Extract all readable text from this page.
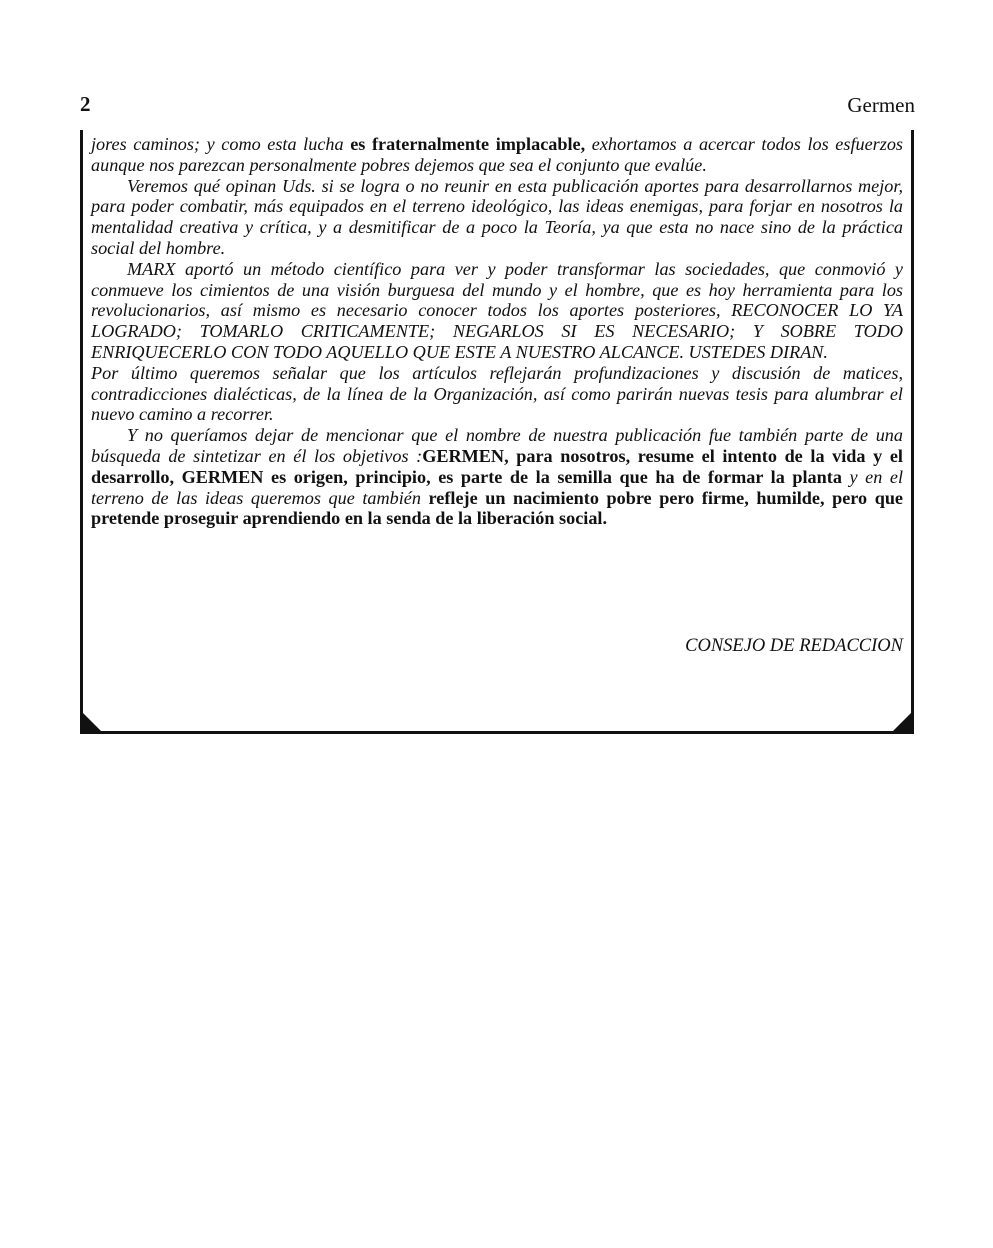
2	Germen

jores caminos; y como esta lucha es fraternalmente implacable, exhortamos a acercar todos los esfuerzos aunque nos parezcan personalmente pobres dejemos que sea el conjunto que evalúe.

Veremos qué opinan Uds. si se logra o no reunir en esta publicación aportes para desarrollarnos mejor, para poder combatir, más equipados en el terreno ideológico, las ideas enemigas, para forjar en nosotros la mentalidad creativa y crítica, y a desmitificar de a poco la Teoría, ya que esta no nace sino de la práctica social del hombre.

MARX aportó un método científico para ver y poder transformar las sociedades, que conmovió y conmueve los cimientos de una visión burguesa del mundo y el hombre, que es hoy herramienta para los revolucionarios, así mismo es necesario conocer todos los aportes posteriores, RECONOCER LO YA LOGRADO; TOMARLO CRITICAMENTE; NEGARLOS SI ES NECESARIO; Y SOBRE TODO ENRIQUECERLO CON TODO AQUELLO QUE ESTE A NUESTRO ALCANCE. USTEDES DIRAN.

Por último queremos señalar que los artículos reflejarán profundizaciones y discusión de matices, contradicciones dialécticas, de la línea de la Organización, así como parirán nuevas tesis para alumbrar el nuevo camino a recorrer.

Y no queríamos dejar de mencionar que el nombre de nuestra publicación fue también parte de una búsqueda de sintetizar en él los objetivos :GERMEN, para nosotros, resume el intento de la vida y el desarrollo, GERMEN es origen, principio, es parte de la semilla que ha de formar la planta y en el terreno de las ideas queremos que también refleje un nacimiento pobre pero firme, humilde, pero que pretende proseguir aprendiendo en la senda de la liberación social.

CONSEJO DE REDACCION
